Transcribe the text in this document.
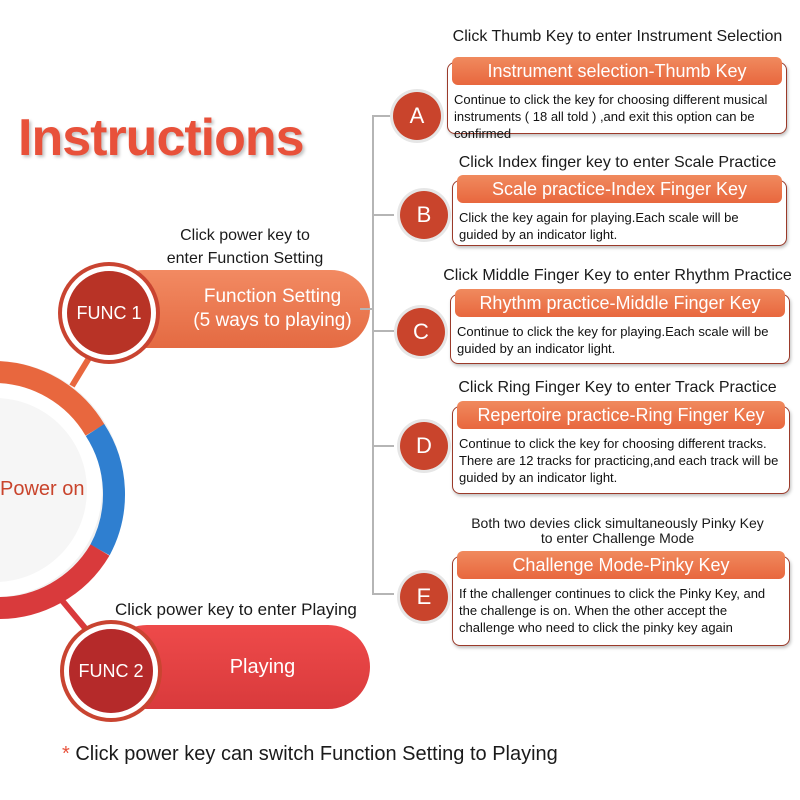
Instructions
Power on
Click power key to
enter Function Setting
Function Setting
(5 ways to playing)
FUNC 1
Click power key to enter Playing
Playing
FUNC 2
Click Thumb Key to enter Instrument Selection
A
Instrument selection-Thumb Key
Continue to click the key for choosing different musical instruments ( 18 all told ) ,and exit this option can be confirmed
Click Index finger key to enter Scale Practice
B
Scale practice-Index Finger Key
Click the key again for playing.Each scale will be guided by an indicator light.
Click Middle Finger Key to enter Rhythm Practice
C
Rhythm practice-Middle Finger Key
Continue to click the key for playing.Each scale will be guided by an indicator light.
Click Ring Finger Key to enter Track Practice
D
Repertoire practice-Ring Finger Key
Continue to click the key for choosing different tracks. There are 12 tracks for practicing,and each track will be guided by an indicator light.
Both two devies click simultaneously Pinky Key
to enter Challenge Mode
E
Challenge Mode-Pinky Key
If the challenger continues to click the Pinky Key, and the challenge is on. When the other accept the challenge who need to click the pinky key again
* Click power key can switch Function Setting to Playing
